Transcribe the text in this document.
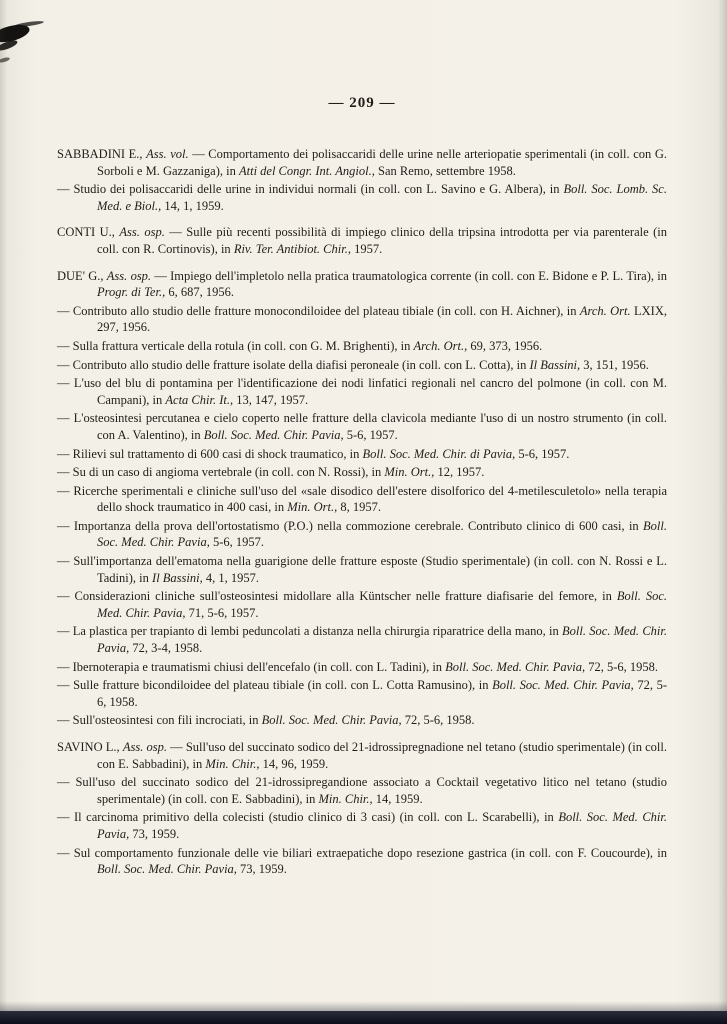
— 209 —

SABBADINI E., Ass. vol. — Comportamento dei polisaccaridi delle urine nelle arteriopatie sperimentali (in coll. con G. Sorboli e M. Gazzaniga), in Atti del Congr. Int. Angiol., San Remo, settembre 1958.

— Studio dei polisaccaridi delle urine in individui normali (in coll. con L. Savino e G. Albera), in Boll. Soc. Lomb. Sc. Med. e Biol., 14, 1, 1959.

CONTI U., Ass. osp. — Sulle più recenti possibilità di impiego clinico della tripsina introdotta per via parenterale (in coll. con R. Cortinovis), in Riv. Ter. Antibiot. Chir., 1957.

DUE' G., Ass. osp. — Impiego dell'impletolo nella pratica traumatologica corrente (in coll. con E. Bidone e P. L. Tira), in Progr. di Ter., 6, 687, 1956.

— Contributo allo studio delle fratture monocondiloidee del plateau tibiale (in coll. con H. Aichner), in Arch. Ort. LXIX, 297, 1956.

— Sulla frattura verticale della rotula (in coll. con G. M. Brighenti), in Arch. Ort., 69, 373, 1956.

— Contributo allo studio delle fratture isolate della diafisi peroneale (in coll. con L. Cotta), in Il Bassini, 3, 151, 1956.

— L'uso del blu di pontamina per l'identificazione dei nodi linfatici regionali nel cancro del polmone (in coll. con M. Campani), in Acta Chir. It., 13, 147, 1957.

— L'osteosintesi percutanea e cielo coperto nelle fratture della clavicola mediante l'uso di un nostro strumento (in coll. con A. Valentino), in Boll. Soc. Med. Chir. Pavia, 5-6, 1957.

— Rilievi sul trattamento di 600 casi di shock traumatico, in Boll. Soc. Med. Chir. di Pavia, 5-6, 1957.

— Su di un caso di angioma vertebrale (in coll. con N. Rossi), in Min. Ort., 12, 1957.

— Ricerche sperimentali e cliniche sull'uso del «sale disodico dell'estere disolforico del 4-metilesculetolo» nella terapia dello shock traumatico in 400 casi, in Min. Ort., 8, 1957.

— Importanza della prova dell'ortostatismo (P.O.) nella commozione cerebrale. Contributo clinico di 600 casi, in Boll. Soc. Med. Chir. Pavia, 5-6, 1957.

— Sull'importanza dell'ematoma nella guarigione delle fratture esposte (Studio sperimentale) (in coll. con N. Rossi e L. Tadini), in Il Bassini, 4, 1, 1957.

— Considerazioni cliniche sull'osteosintesi midollare alla Küntscher nelle fratture diafisarie del femore, in Boll. Soc. Med. Chir. Pavia, 71, 5-6, 1957.

— La plastica per trapianto di lembi peduncolati a distanza nella chirurgia riparatrice della mano, in Boll. Soc. Med. Chir. Pavia, 72, 3-4, 1958.

— Ibernoterapia e traumatismi chiusi dell'encefalo (in coll. con L. Tadini), in Boll. Soc. Med. Chir. Pavia, 72, 5-6, 1958.

— Sulle fratture bicondiloidee del plateau tibiale (in coll. con L. Cotta Ramusino), in Boll. Soc. Med. Chir. Pavia, 72, 5-6, 1958.

— Sull'osteosintesi con fili incrociati, in Boll. Soc. Med. Chir. Pavia, 72, 5-6, 1958.

SAVINO L., Ass. osp. — Sull'uso del succinato sodico del 21-idrossipregnadione nel tetano (studio sperimentale) (in coll. con E. Sabbadini), in Min. Chir., 14, 96, 1959.

— Sull'uso del succinato sodico del 21-idrossipregandione associato a Cocktail vegetativo litico nel tetano (studio sperimentale) (in coll. con E. Sabbadini), in Min. Chir., 14, 1959.

— Il carcinoma primitivo della colecisti (studio clinico di 3 casi) (in coll. con L. Scarabelli), in Boll. Soc. Med. Chir. Pavia, 73, 1959.

— Sul comportamento funzionale delle vie biliari extraepatiche dopo resezione gastrica (in coll. con F. Coucourde), in Boll. Soc. Med. Chir. Pavia, 73, 1959.
